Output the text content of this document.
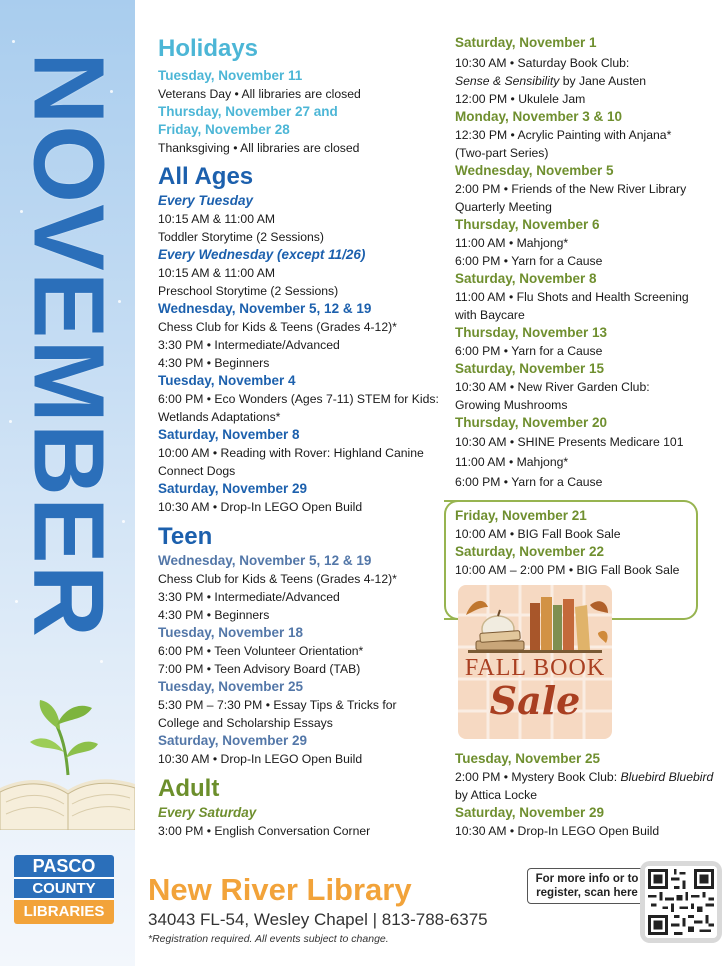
NOVEMBER
PASCO
COUNTY
LIBRARIES
Holidays
Tuesday, November 11
Veterans Day • All libraries are closed
Thursday, November 27 and
Friday, November 28
Thanksgiving • All libraries are closed
All Ages
Every Tuesday
10:15 AM & 11:00 AM
Toddler Storytime (2 Sessions)
Every Wednesday (except 11/26)
10:15 AM & 11:00 AM
Preschool Storytime (2 Sessions)
Wednesday, November 5, 12 & 19
Chess Club for Kids & Teens (Grades 4-12)*
3:30 PM • Intermediate/Advanced
4:30 PM • Beginners
Tuesday, November 4
6:00 PM • Eco Wonders (Ages 7-11) STEM for Kids:
Wetlands Adaptations*
Saturday, November 8
10:00 AM • Reading with Rover: Highland Canine
Connect Dogs
Saturday, November 29
10:30 AM • Drop-In LEGO Open Build
Teen
Wednesday, November 5, 12 & 19
Chess Club for Kids & Teens (Grades 4-12)*
3:30 PM • Intermediate/Advanced
4:30 PM • Beginners
Tuesday, November 18
6:00 PM • Teen Volunteer Orientation*
7:00 PM • Teen Advisory Board (TAB)
Tuesday, November 25
5:30 PM – 7:30 PM • Essay Tips & Tricks for
College and Scholarship Essays
Saturday, November 29
10:30 AM • Drop-In LEGO Open Build
Adult
Every Saturday
3:00 PM • English Conversation Corner
Saturday, November 1
10:30 AM • Saturday Book Club:
Sense & Sensibility by Jane Austen
12:00 PM • Ukulele Jam
Monday, November 3 & 10
12:30 PM • Acrylic Painting with Anjana*
(Two-part Series)
Wednesday, November 5
2:00 PM • Friends of the New River Library
Quarterly Meeting
Thursday, November 6
11:00 AM • Mahjong*
6:00 PM • Yarn for a Cause
Saturday, November 8
11:00 AM • Flu Shots and Health Screening
with Baycare
Thursday, November 13
6:00 PM • Yarn for a Cause
Saturday, November 15
10:30 AM • New River Garden Club:
Growing Mushrooms
Thursday, November 20
10:30 AM • SHINE Presents Medicare 101
11:00 AM • Mahjong*
6:00 PM • Yarn for a Cause
Friday, November 21
10:00 AM • BIG Fall Book Sale
Saturday, November 22
10:00 AM – 2:00 PM • BIG Fall Book Sale
FALL BOOK
Sale
Tuesday, November 25
2:00 PM • Mystery Book Club: Bluebird Bluebird
by Attica Locke
Saturday, November 29
10:30 AM • Drop-In LEGO Open Build
New River Library
34043 FL-54, Wesley Chapel | 813-788-6375
*Registration required. All events subject to change.
For more info or to
register, scan here
